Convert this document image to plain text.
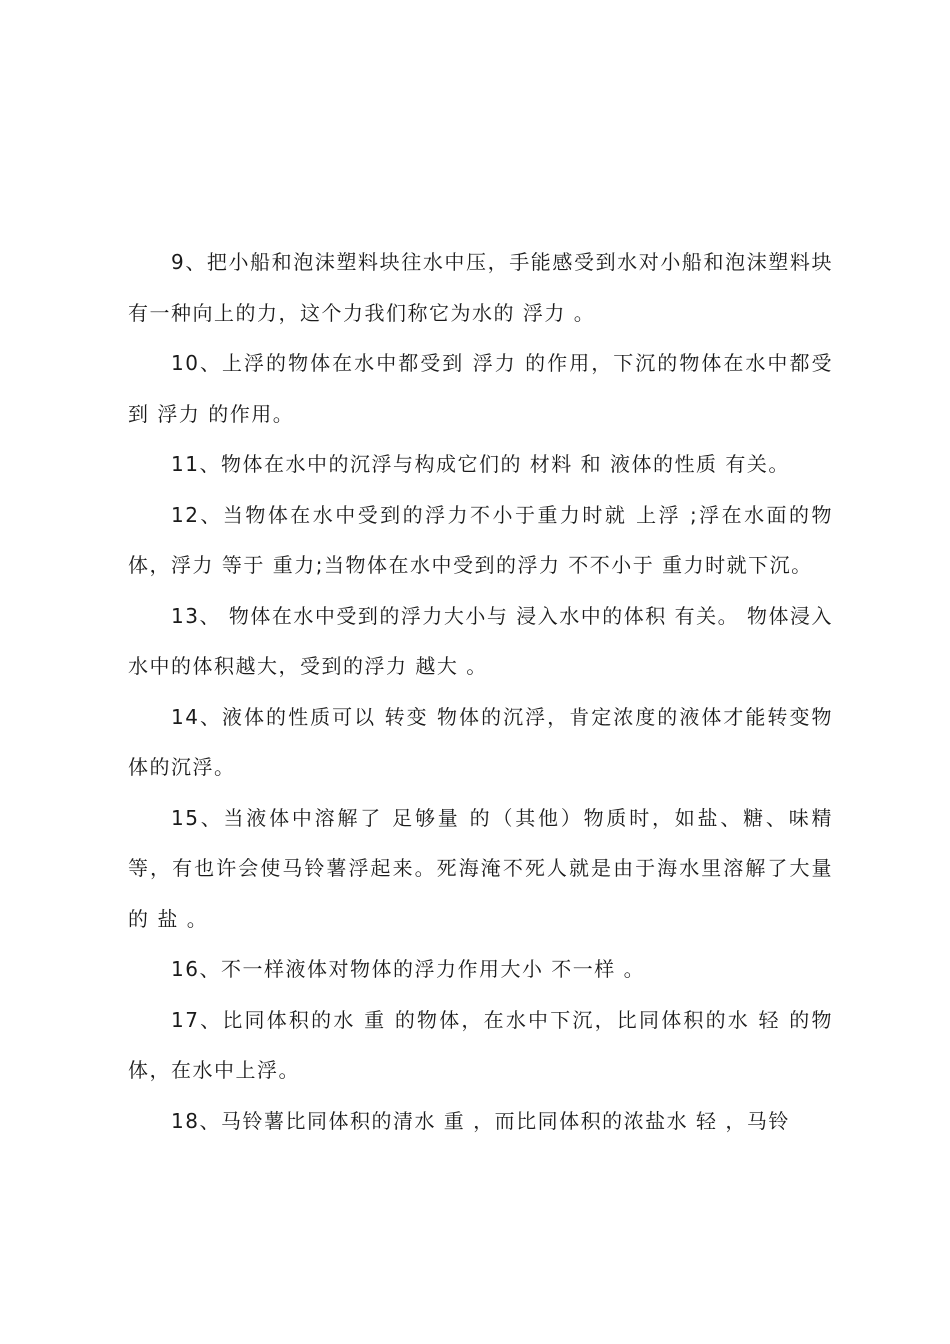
9、把小船和泡沫塑料块往水中压，手能感受到水对小船和泡沫塑料块有一种向上的力，这个力我们称它为水的 浮力 。

10、上浮的物体在水中都受到 浮力 的作用，下沉的物体在水中都受到 浮力 的作用。

11、物体在水中的沉浮与构成它们的 材料 和 液体的性质 有关。

12、当物体在水中受到的浮力不小于重力时就 上浮 ;浮在水面的物体，浮力 等于 重力;当物体在水中受到的浮力 不不小于 重力时就下沉。

13、 物体在水中受到的浮力大小与 浸入水中的体积 有关。 物体浸入水中的体积越大，受到的浮力 越大 。

14、液体的性质可以 转变 物体的沉浮，肯定浓度的液体才能转变物体的沉浮。

15、当液体中溶解了 足够量 的（其他）物质时，如盐、糖、味精等，有也许会使马铃薯浮起来。死海淹不死人就是由于海水里溶解了大量的 盐 。

16、不一样液体对物体的浮力作用大小 不一样 。

17、比同体积的水 重 的物体，在水中下沉，比同体积的水 轻 的物体，在水中上浮。

18、马铃薯比同体积的清水 重 ，而比同体积的浓盐水 轻 ，马铃
